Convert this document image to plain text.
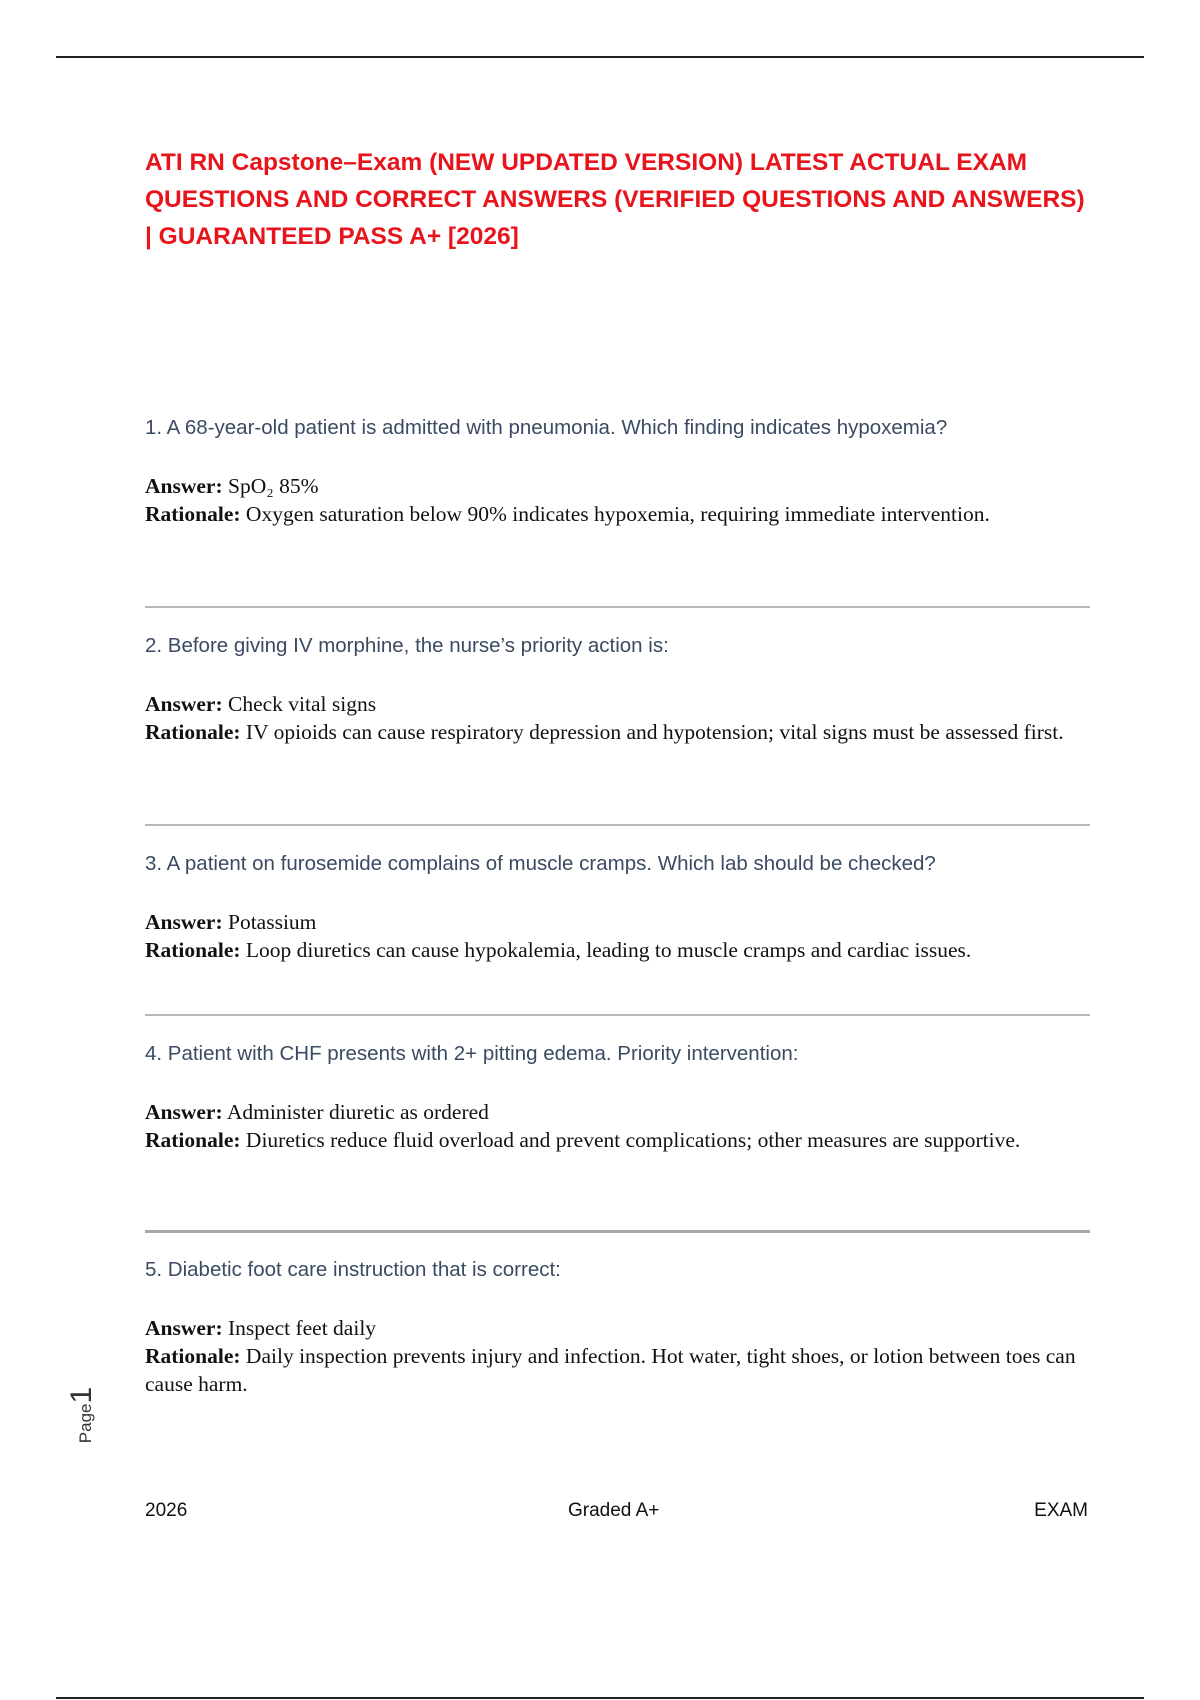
ATI RN Capstone–Exam (NEW UPDATED VERSION) LATEST ACTUAL EXAM QUESTIONS AND CORRECT ANSWERS (VERIFIED QUESTIONS AND ANSWERS) | GUARANTEED PASS A+ [2026]

1. A 68-year-old patient is admitted with pneumonia. Which finding indicates hypoxemia?

Answer: SpO₂ 85%

Rationale: Oxygen saturation below 90% indicates hypoxemia, requiring immediate intervention.

2. Before giving IV morphine, the nurse’s priority action is:

Answer: Check vital signs

Rationale: IV opioids can cause respiratory depression and hypotension; vital signs must be assessed first.

3. A patient on furosemide complains of muscle cramps. Which lab should be checked?

Answer: Potassium

Rationale: Loop diuretics can cause hypokalemia, leading to muscle cramps and cardiac issues.

4. Patient with CHF presents with 2+ pitting edema. Priority intervention:

Answer: Administer diuretic as ordered

Rationale: Diuretics reduce fluid overload and prevent complications; other measures are supportive.

5. Diabetic foot care instruction that is correct:

Answer: Inspect feet daily

Rationale: Daily inspection prevents injury and infection. Hot water, tight shoes, or lotion between toes can cause harm.

Page1
2026	Graded A+	EXAM
